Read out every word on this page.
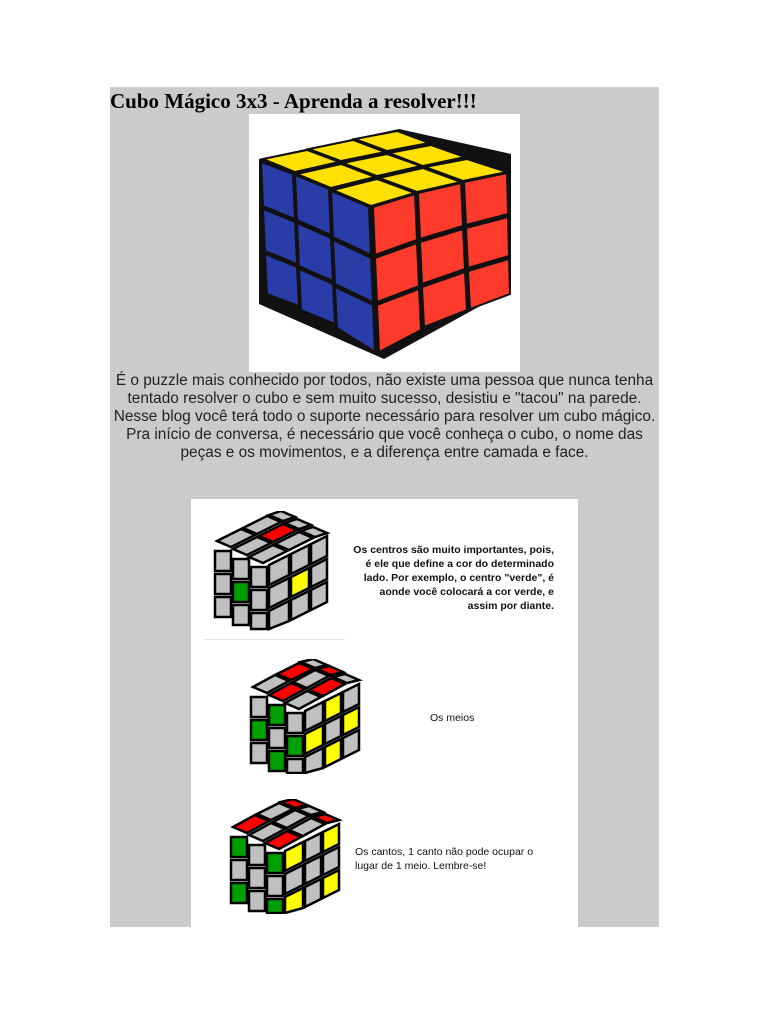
Cubo Mágico 3x3 - Aprenda a resolver!!!

É o puzzle mais conhecido por todos, não existe uma pessoa que nunca tenha tentado resolver o cubo e sem muito sucesso, desistiu e "tacou" na parede. Nesse blog você terá todo o suporte necessário para resolver um cubo mágico.

Pra início de conversa, é necessário que você conheça o cubo, o nome das peças e os movimentos, e a diferença entre camada e face.

Os centros são muito importantes, pois, é ele que define a cor do determinado lado. Por exemplo, o centro "verde", é aonde você colocará a cor verde, e assim por diante.
Os meios
Os cantos, 1 canto não pode ocupar o lugar de 1 meio. Lembre-se!
